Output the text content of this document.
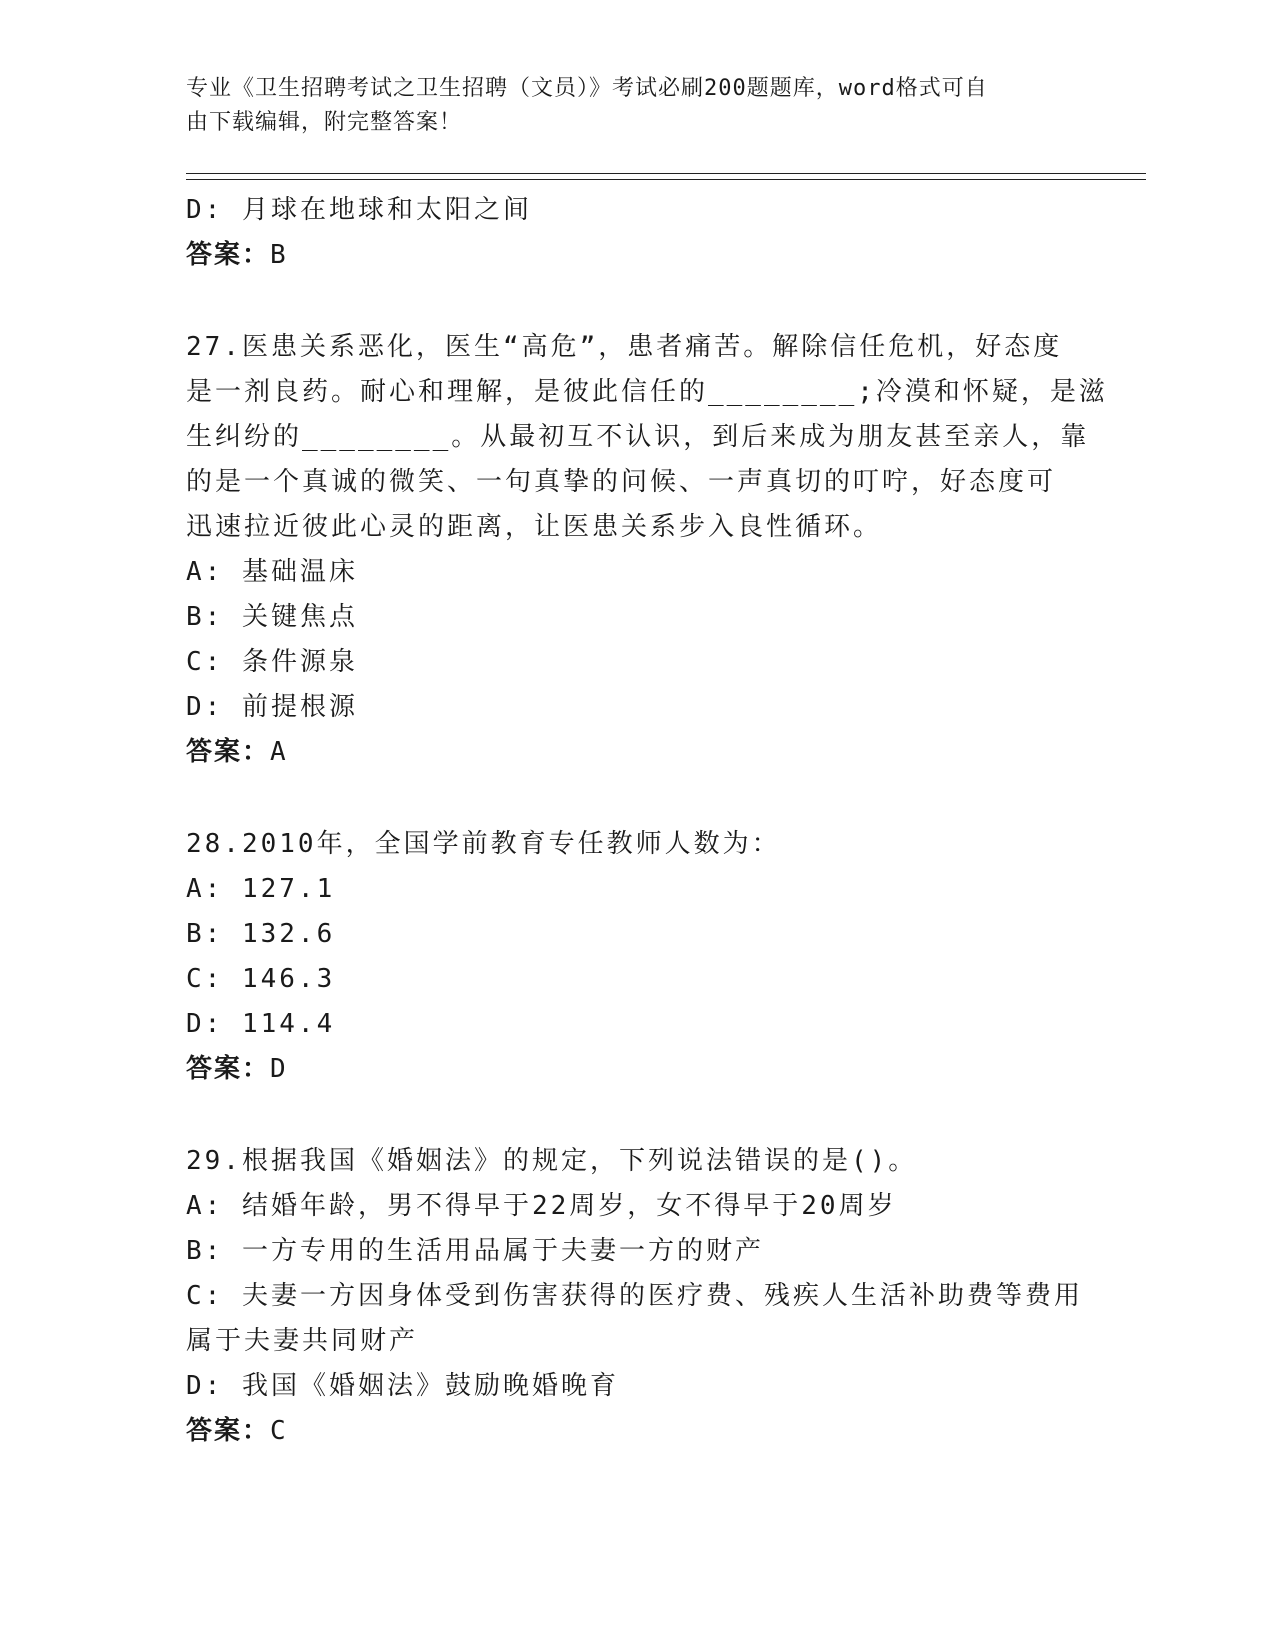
专业《卫生招聘考试之卫生招聘（文员）》考试必刷200题题库，word格式可自
由下载编辑，附完整答案！
D: 月球在地球和太阳之间
答案：B
27.医患关系恶化，医生“高危”，患者痛苦。解除信任危机，好态度
是一剂良药。耐心和理解，是彼此信任的________;冷漠和怀疑，是滋
生纠纷的________。从最初互不认识，到后来成为朋友甚至亲人，靠
的是一个真诚的微笑、一句真挚的问候、一声真切的叮咛，好态度可
迅速拉近彼此心灵的距离，让医患关系步入良性循环。
A: 基础温床
B: 关键焦点
C: 条件源泉
D: 前提根源
答案：A
28.2010年，全国学前教育专任教师人数为：
A: 127.1
B: 132.6
C: 146.3
D: 114.4
答案：D
29.根据我国《婚姻法》的规定，下列说法错误的是()。
A: 结婚年龄，男不得早于22周岁，女不得早于20周岁
B: 一方专用的生活用品属于夫妻一方的财产
C: 夫妻一方因身体受到伤害获得的医疗费、残疾人生活补助费等费用
属于夫妻共同财产
D: 我国《婚姻法》鼓励晚婚晚育
答案：C
